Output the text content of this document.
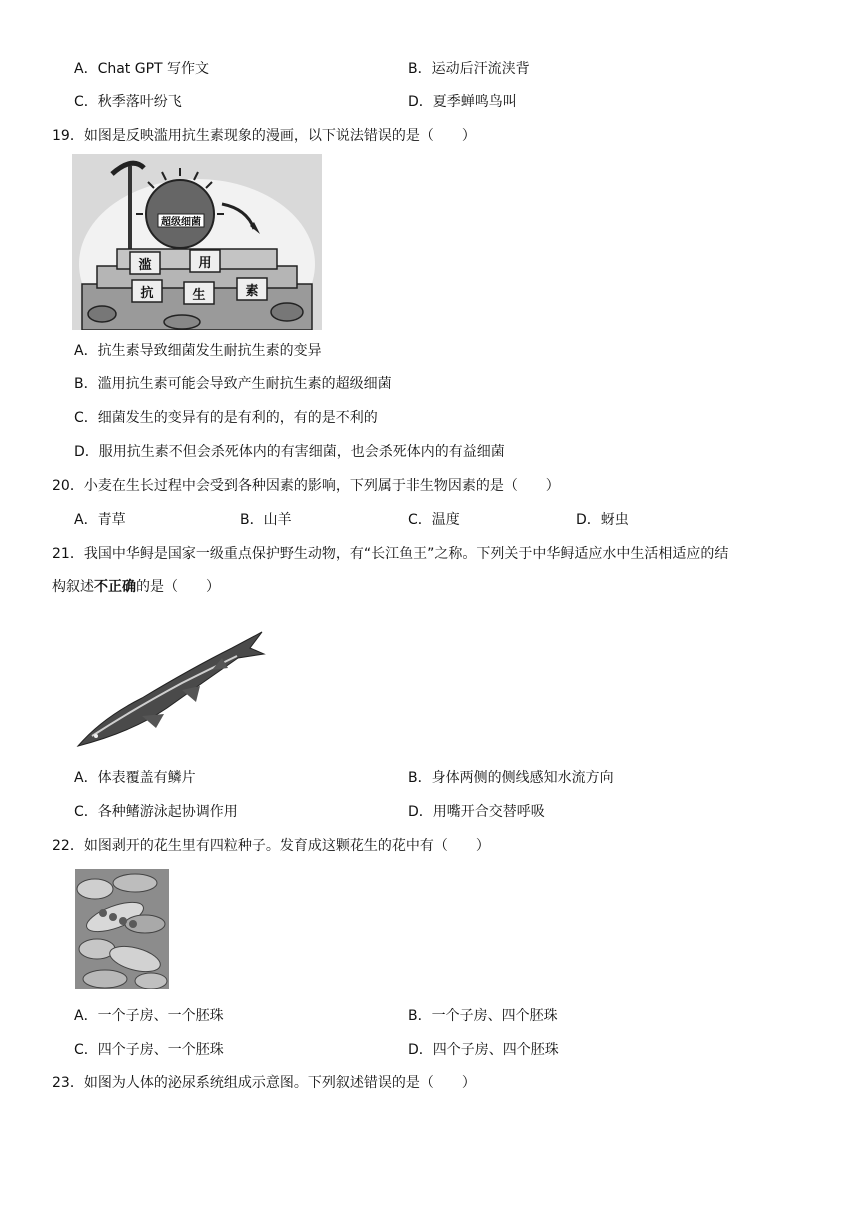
A．Chat GPT 写作文	B．运动后汗流浃背
C．秋季落叶纷飞	D．夏季蝉鸣鸟叫
19．如图是反映滥用抗生素现象的漫画，以下说法错误的是（　　）
超级细菌
滥	用
抗	生	素
A．抗生素导致细菌发生耐抗生素的变异
B．滥用抗生素可能会导致产生耐抗生素的超级细菌
C．细菌发生的变异有的是有利的，有的是不利的
D．服用抗生素不但会杀死体内的有害细菌，也会杀死体内的有益细菌
20．小麦在生长过程中会受到各种因素的影响，下列属于非生物因素的是（　　）
A．青草	B．山羊	C．温度	D．蚜虫
21．我国中华鲟是国家一级重点保护野生动物，有“长江鱼王”之称。下列关于中华鲟适应水中生活相适应的结
构叙述不正确的是（　　）
A．体表覆盖有鳞片	B．身体两侧的侧线感知水流方向
C．各种鳍游泳起协调作用	D．用嘴开合交替呼吸
22．如图剥开的花生里有四粒种子。发育成这颗花生的花中有（　　）
A．一个子房、一个胚珠	B．一个子房、四个胚珠
C．四个子房、一个胚珠	D．四个子房、四个胚珠
23．如图为人体的泌尿系统组成示意图。下列叙述错误的是（　　）
